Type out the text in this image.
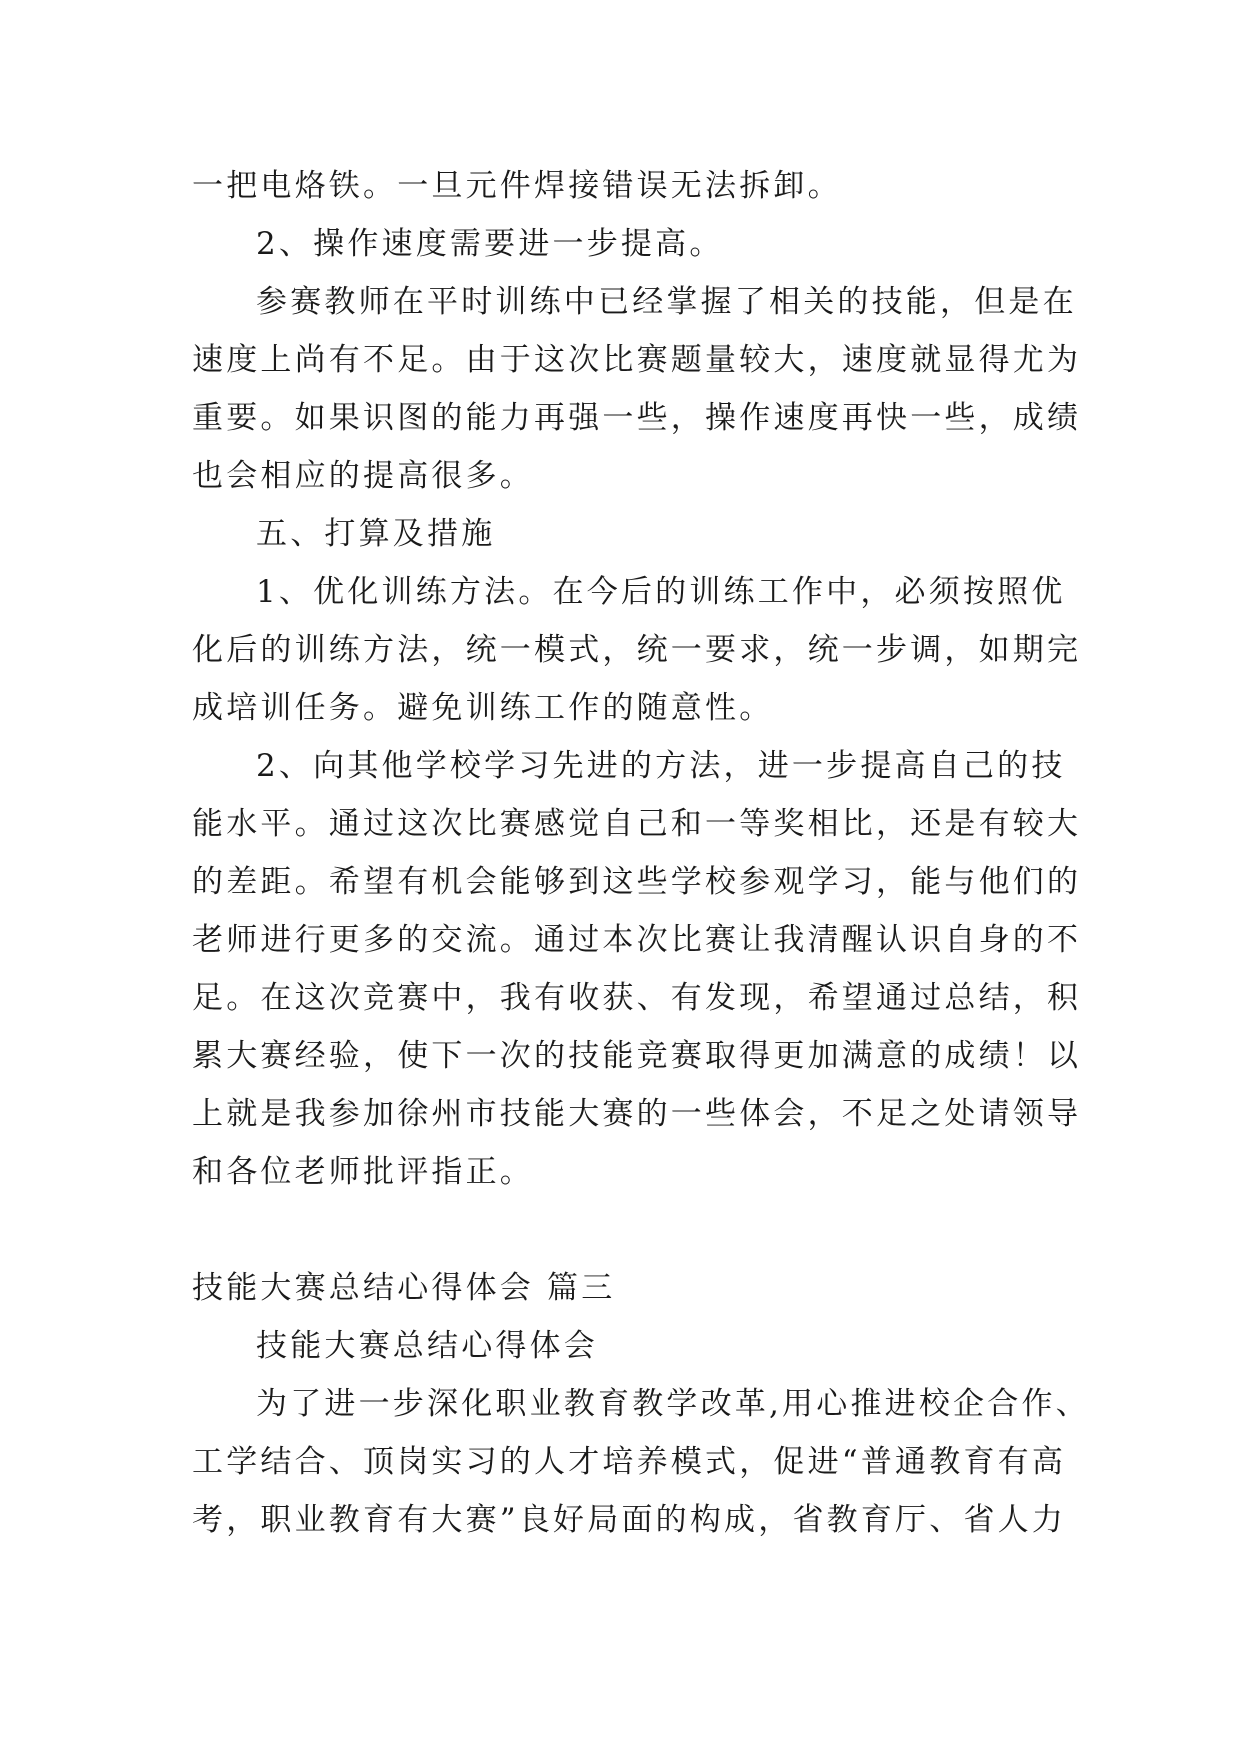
一把电烙铁。一旦元件焊接错误无法拆卸。
2、操作速度需要进一步提高。
参赛教师在平时训练中已经掌握了相关的技能，但是在
速度上尚有不足。由于这次比赛题量较大，速度就显得尤为
重要。如果识图的能力再强一些，操作速度再快一些，成绩
也会相应的提高很多。
五、打算及措施
1、优化训练方法。在今后的训练工作中，必须按照优
化后的训练方法，统一模式，统一要求，统一步调，如期完
成培训任务。避免训练工作的随意性。
2、向其他学校学习先进的方法，进一步提高自己的技
能水平。通过这次比赛感觉自己和一等奖相比，还是有较大
的差距。希望有机会能够到这些学校参观学习，能与他们的
老师进行更多的交流。通过本次比赛让我清醒认识自身的不
足。在这次竞赛中，我有收获、有发现，希望通过总结，积
累大赛经验，使下一次的技能竞赛取得更加满意的成绩！以
上就是我参加徐州市技能大赛的一些体会，不足之处请领导
和各位老师批评指正。
技能大赛总结心得体会 篇三
技能大赛总结心得体会
为了进一步深化职业教育教学改革,用心推进校企合作、
工学结合、顶岗实习的人才培养模式，促进“普通教育有高
考，职业教育有大赛”良好局面的构成，省教育厅、省人力
